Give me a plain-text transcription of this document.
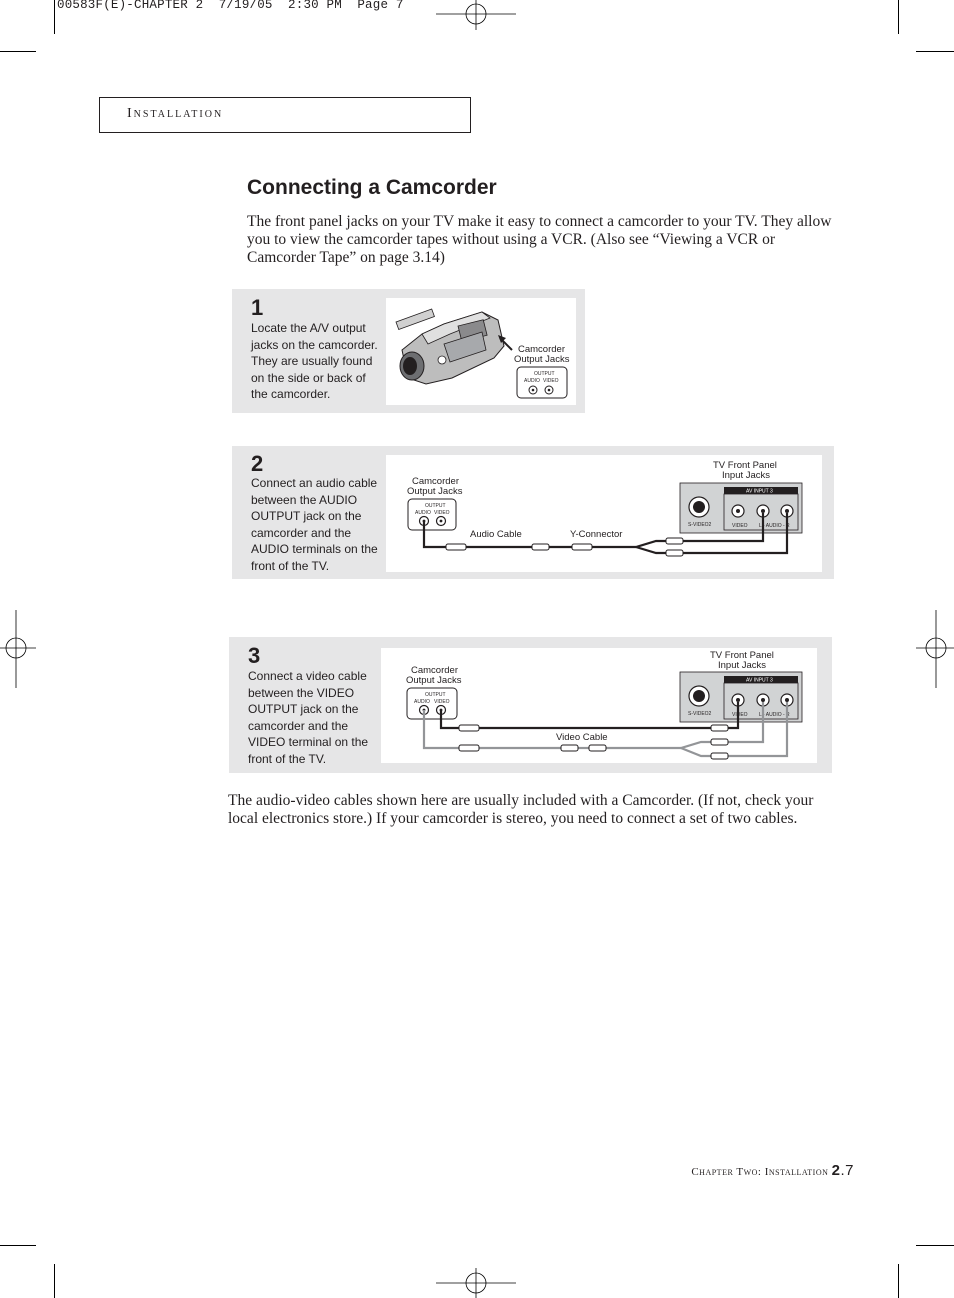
00583F(E)-CHAPTER 2  7/19/05  2:30 PM  Page 7
Installation
Connecting a Camcorder
The front panel jacks on your TV make it easy to connect a camcorder to your TV. They allow you to view the camcorder tapes without using a VCR. (Also see “Viewing a VCR or Camcorder Tape” on page 3.14)
1
Locate the A/V output jacks on the camcorder. They are usually found on the side or back of the camcorder.
Camcorder
Output Jacks
OUTPUT
AUDIO VIDEO
2
Connect an audio cable between the AUDIO OUTPUT jack on the camcorder and the AUDIO terminals on the front of the TV.
Camcorder
Output Jacks
OUTPUT
AUDIO VIDEO
TV Front Panel
Input Jacks
AV INPUT 3
S-VIDEO2	VIDEO L - AUDIO - R
Audio Cable	Y-Connector
3
Connect a video cable between the VIDEO OUTPUT jack on the camcorder and the VIDEO terminal on the front of the TV.
Camcorder
Output Jacks
OUTPUT
AUDIO VIDEO
TV Front Panel
Input Jacks
AV INPUT 3
S-VIDEO2	VIDEO L - AUDIO - R
Video Cable
The audio-video cables shown here are usually included with a Camcorder. (If not, check your local electronics store.) If your camcorder is stereo, you need to connect a set of two cables.
Chapter Two: Installation 2.7
